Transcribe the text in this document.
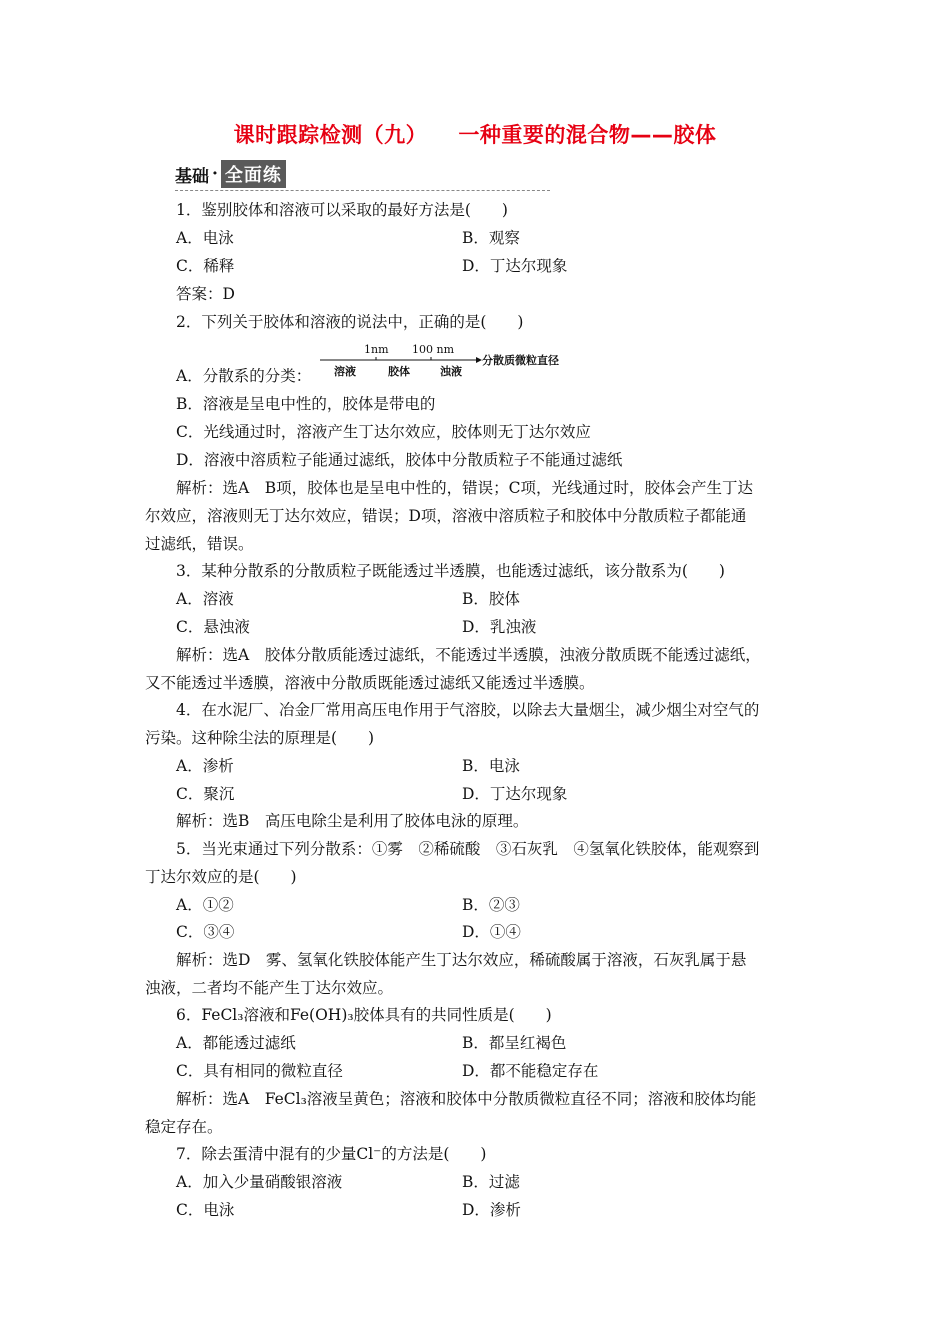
课时跟踪检测（九）    一种重要的混合物——胶体
基础 · 全面练
1．鉴别胶体和溶液可以采取的最好方法是(　　)
A．电泳	B．观察
C．稀释	D．丁达尔现象
答案：D
2．下列关于胶体和溶液的说法中，正确的是(　　)
A．分散系的分类：
1nm 100 nm
分散质微粒直径
溶液	胶体	浊液
B．溶液是呈电中性的，胶体是带电的
C．光线通过时，溶液产生丁达尔效应，胶体则无丁达尔效应
D．溶液中溶质粒子能通过滤纸，胶体中分散质粒子不能通过滤纸
解析：选A　B项，胶体也是呈电中性的，错误；C项，光线通过时，胶体会产生丁达
尔效应，溶液则无丁达尔效应，错误；D项，溶液中溶质粒子和胶体中分散质粒子都能通
过滤纸，错误。
3．某种分散系的分散质粒子既能透过半透膜，也能透过滤纸，该分散系为(　　)
A．溶液	B．胶体
C．悬浊液	D．乳浊液
解析：选A　胶体分散质能透过滤纸，不能透过半透膜，浊液分散质既不能透过滤纸，
又不能透过半透膜，溶液中分散质既能透过滤纸又能透过半透膜。
4．在水泥厂、冶金厂常用高压电作用于气溶胶，以除去大量烟尘，减少烟尘对空气的
污染。这种除尘法的原理是(　　)
A．渗析	B．电泳
C．聚沉	D．丁达尔现象
解析：选B　高压电除尘是利用了胶体电泳的原理。
5．当光束通过下列分散系：①雾　②稀硫酸　③石灰乳　④氢氧化铁胶体，能观察到
丁达尔效应的是(　　)
A．①②	B．②③
C．③④	D．①④
解析：选D　雾、氢氧化铁胶体能产生丁达尔效应，稀硫酸属于溶液，石灰乳属于悬
浊液，二者均不能产生丁达尔效应。
6．FeCl₃溶液和Fe(OH)₃胶体具有的共同性质是(　　)
A．都能透过滤纸	B．都呈红褐色
C．具有相同的微粒直径	D．都不能稳定存在
解析：选A　FeCl₃溶液呈黄色；溶液和胶体中分散质微粒直径不同；溶液和胶体均能
稳定存在。
7．除去蛋清中混有的少量Cl⁻的方法是(　　)
A．加入少量硝酸银溶液	B．过滤
C．电泳	D．渗析
